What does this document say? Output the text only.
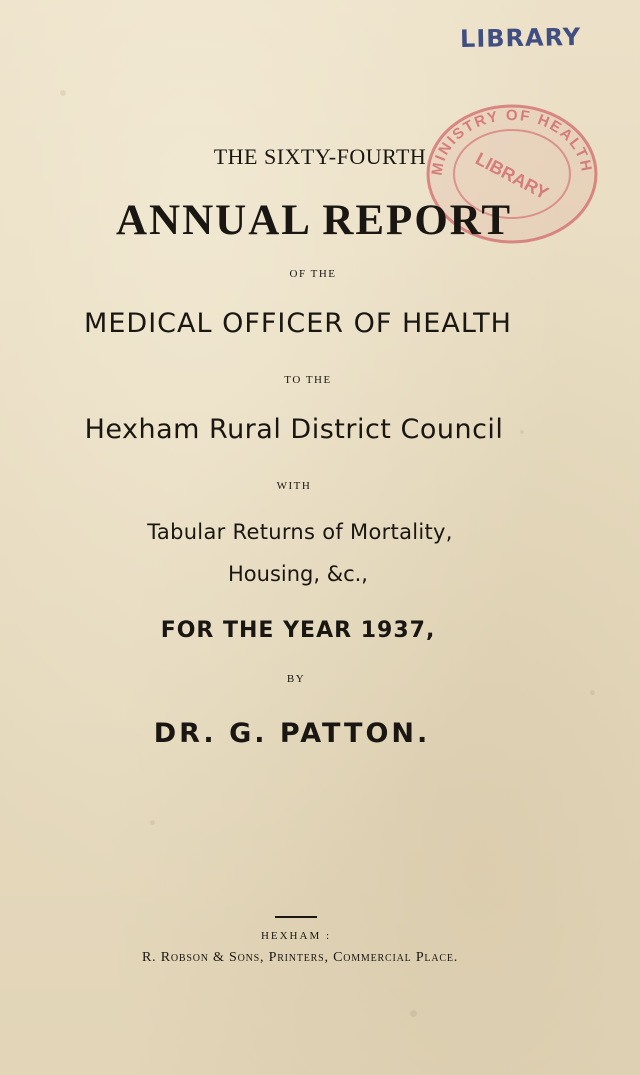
LIBRARY
MINISTRY OF HEALTH
LIBRARY
THE SIXTY-FOURTH
ANNUAL REPORT
OF THE
MEDICAL OFFICER OF HEALTH
TO THE
Hexham Rural District Council
WITH
Tabular Returns of Mortality,
Housing, &c.,
FOR THE YEAR 1937,
BY
DR. G. PATTON.
HEXHAM :
R. Robson & Sons, Printers, Commercial Place.
